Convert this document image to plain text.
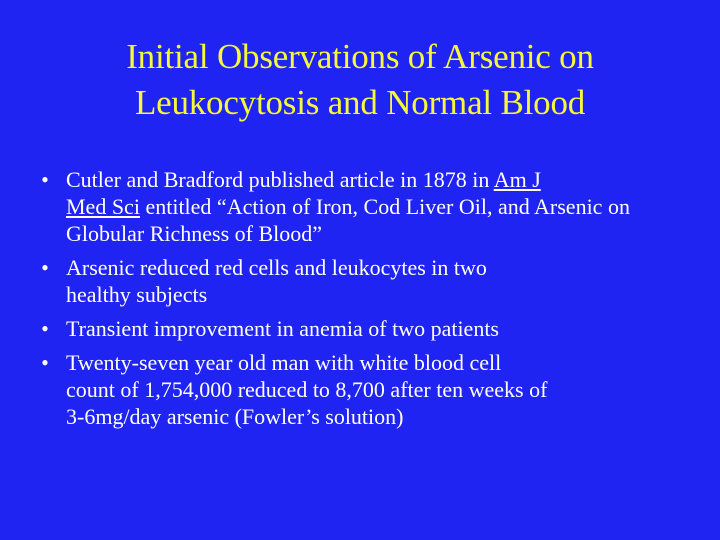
Initial Observations of Arsenic on
Leukocytosis and Normal Blood
• Cutler and Bradford published article in 1878 in Am J
Med Sci entitled “Action of Iron, Cod Liver Oil, and Arsenic on Globular Richness of Blood”
• Arsenic reduced red cells and leukocytes in two
healthy subjects
• Transient improvement in anemia of two patients
• Twenty-seven year old man with white blood cell
count of 1,754,000 reduced to 8,700 after ten weeks of
3-6mg/day arsenic (Fowler’s solution)
